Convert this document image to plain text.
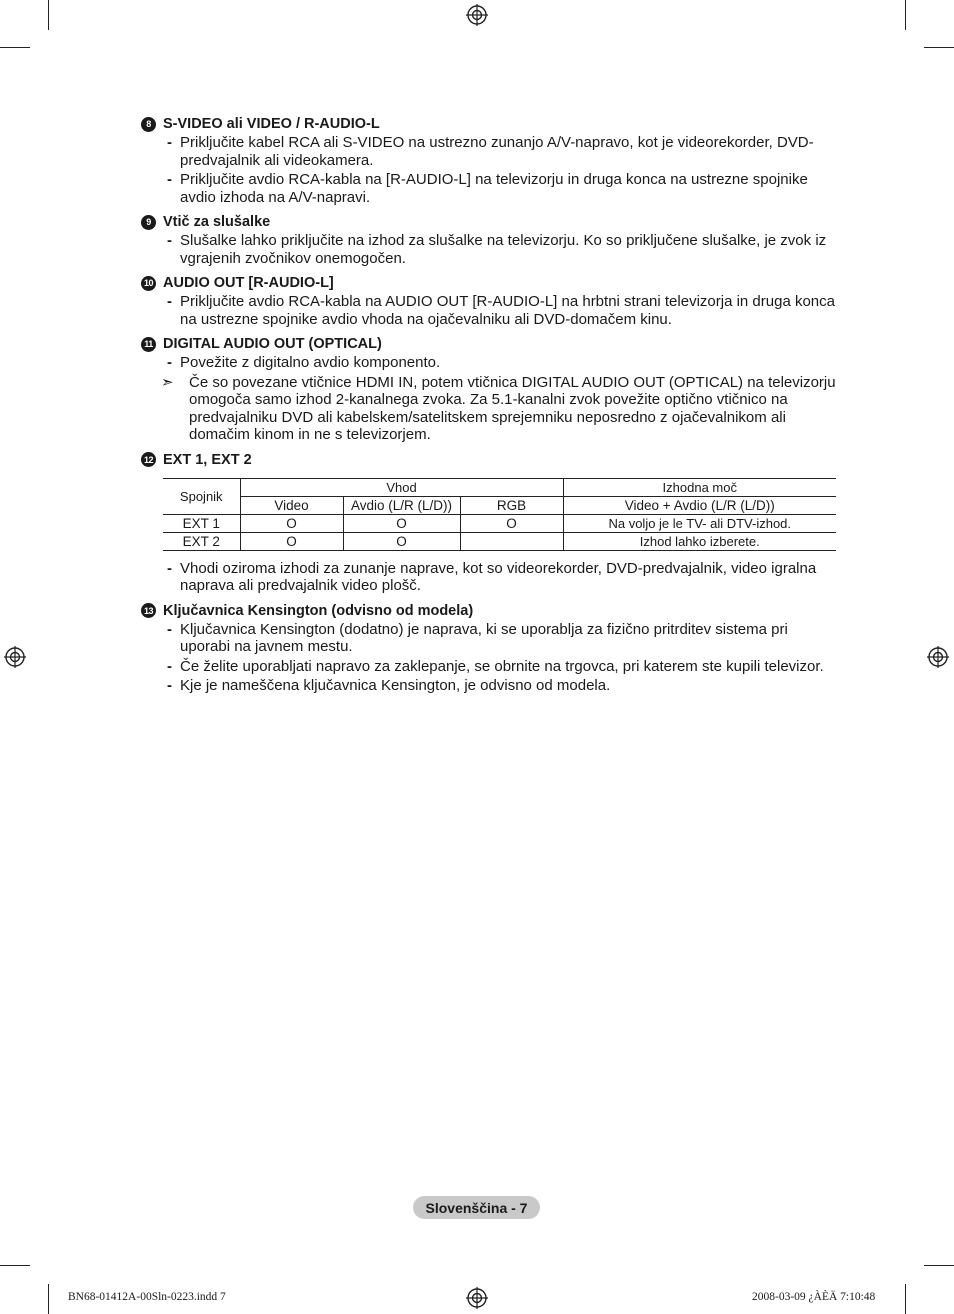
8 S-VIDEO ali VIDEO / R-AUDIO-L
- Priključite kabel RCA ali S-VIDEO na ustrezno zunanjo A/V-napravo, kot je videorekorder, DVD-predvajalnik ali videokamera.
- Priključite avdio RCA-kabla na [R-AUDIO-L] na televizorju in druga konca na ustrezne spojnike avdio izhoda na A/V-napravi.
9 Vtič za slušalke
- Slušalke lahko priključite na izhod za slušalke na televizorju. Ko so priključene slušalke, je zvok iz vgrajenih zvočnikov onemogočen.
10 AUDIO OUT [R-AUDIO-L]
- Priključite avdio RCA-kabla na AUDIO OUT [R-AUDIO-L] na hrbtni strani televizorja in druga konca na ustrezne spojnike avdio vhoda na ojačevalniku ali DVD-domačem kinu.
11 DIGITAL AUDIO OUT (OPTICAL)
- Povežite z digitalno avdio komponento.
➣	Če so povezane vtičnice HDMI IN, potem vtičnica DIGITAL AUDIO OUT (OPTICAL) na televizorju omogoča samo izhod 2-kanalnega zvoka. Za 5.1-kanalni zvok povežite optično vtičnico na predvajalniku DVD ali kabelskem/satelitskem sprejemniku neposredno z ojačevalnikom ali domačim kinom in ne s televizorjem.
12 EXT 1, EXT 2
Spojnik	Vhod			Izhodna moč
	Video	Avdio (L/R (L/D))	RGB	Video + Avdio (L/R (L/D))
EXT 1	O	O	O	Na voljo je le TV- ali DTV-izhod.
EXT 2	O	O		Izhod lahko izberete.
- Vhodi oziroma izhodi za zunanje naprave, kot so videorekorder, DVD-predvajalnik, video igralna naprava ali predvajalnik video plošč.
13 Ključavnica Kensington (odvisno od modela)
- Ključavnica Kensington (dodatno) je naprava, ki se uporablja za fizično pritrditev sistema pri uporabi na javnem mestu.
- Če želite uporabljati napravo za zaklepanje, se obrnite na trgovca, pri katerem ste kupili televizor.
- Kje je nameščena ključavnica Kensington, je odvisno od modela.
Slovenščina - 7
BN68-01412A-00Sln-0223.indd 7	2008-03-09 ¿ÀÈÄ 7:10:48
